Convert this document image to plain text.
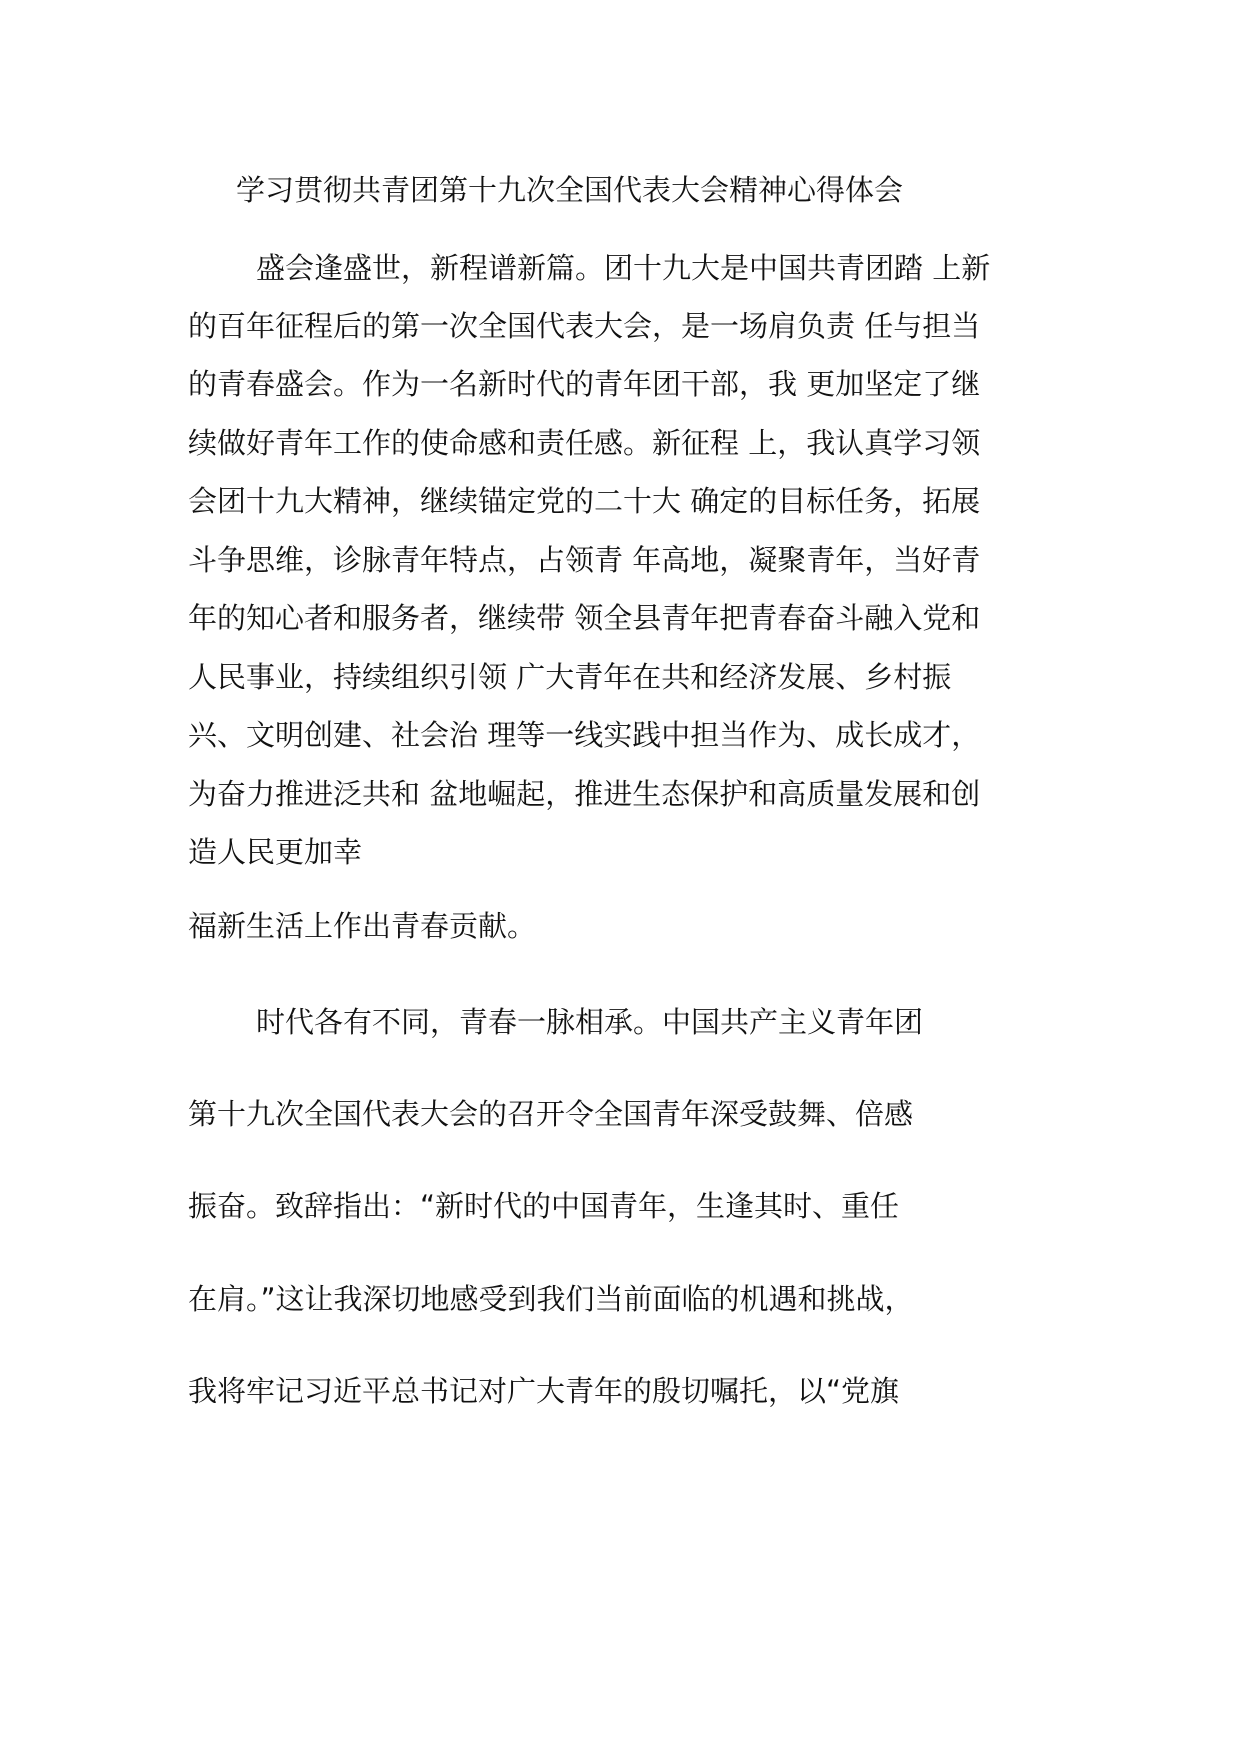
学习贯彻共青团第十九次全国代表大会精神心得体会
盛会逢盛世，新程谱新篇。团十九大是中国共青团踏 上新
的百年征程后的第一次全国代表大会，是一场肩负责 任与担当
的青春盛会。作为一名新时代的青年团干部，我 更加坚定了继
续做好青年工作的使命感和责任感。新征程 上，我认真学习领
会团十九大精神，继续锚定党的二十大 确定的目标任务，拓展
斗争思维，诊脉青年特点，占领青 年高地，凝聚青年，当好青
年的知心者和服务者，继续带 领全县青年把青春奋斗融入党和
人民事业，持续组织引领 广大青年在共和经济发展、乡村振
兴、文明创建、社会治 理等一线实践中担当作为、成长成才，
为奋力推进泛共和 盆地崛起，推进生态保护和高质量发展和创
造人民更加幸
福新生活上作出青春贡献。
时代各有不同，青春一脉相承。中国共产主义青年团
第十九次全国代表大会的召开令全国青年深受鼓舞、倍感
振奋。致辞指出：“新时代的中国青年，生逢其时、重任
在肩。”这让我深切地感受到我们当前面临的机遇和挑战，
我将牢记习近平总书记对广大青年的殷切嘱托，以“党旗
